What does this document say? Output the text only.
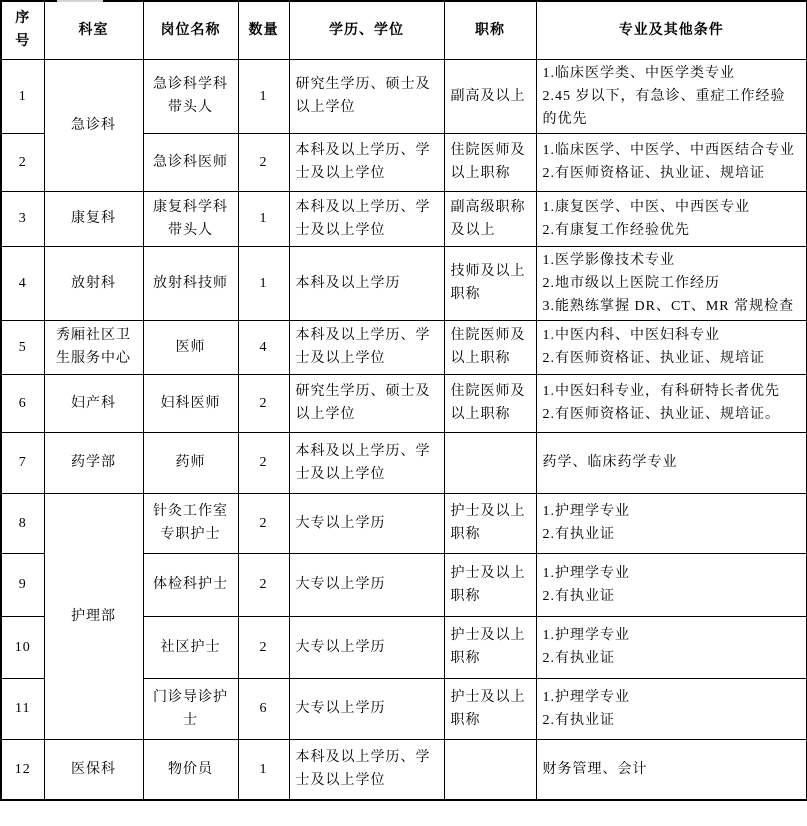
序号	科室	岗位名称	数量	学历、学位	职称	专业及其他条件
1	急诊科	急诊科学科带头人	1	研究生学历、硕士及以上学位	副高及以上	1.临床医学类、中医学类专业
2.45 岁以下，有急诊、重症工作经验的优先

2		急诊科医师	2	本科及以上学历、学士及以上学位	住院医师及以上职称	1.临床医学、中医学、中西医结合专业
2.有医师资格证、执业证、规培证

3	康复科	康复科学科带头人	1	本科及以上学历、学士及以上学位	副高级职称及以上	1.康复医学、中医、中西医专业
2.有康复工作经验优先

4	放射科	放射科技师	1	本科及以上学历	技师及以上职称	1.医学影像技术专业
2.地市级以上医院工作经历
3.能熟练掌握 DR、CT、MR 常规检查

5	秀厢社区卫生服务中心	医师	4	本科及以上学历、学士及以上学位	住院医师及以上职称	1.中医内科、中医妇科专业
2.有医师资格证、执业证、规培证

6	妇产科	妇科医师	2	研究生学历、硕士及以上学位	住院医师及以上职称	1.中医妇科专业，有科研特长者优先
2.有医师资格证、执业证、规培证。

7	药学部	药师	2	本科及以上学历、学士及以上学位		药学、临床药学专业

8	护理部	针灸工作室专职护士	2	大专以上学历	护士及以上职称	1.护理学专业
2.有执业证

9		体检科护士	2	大专以上学历	护士及以上职称	1.护理学专业
2.有执业证

10		社区护士	2	大专以上学历	护士及以上职称	1.护理学专业
2.有执业证

11		门诊导诊护士	6	大专以上学历	护士及以上职称	1.护理学专业
2.有执业证

12	医保科	物价员	1	本科及以上学历、学士及以上学位		财务管理、会计
